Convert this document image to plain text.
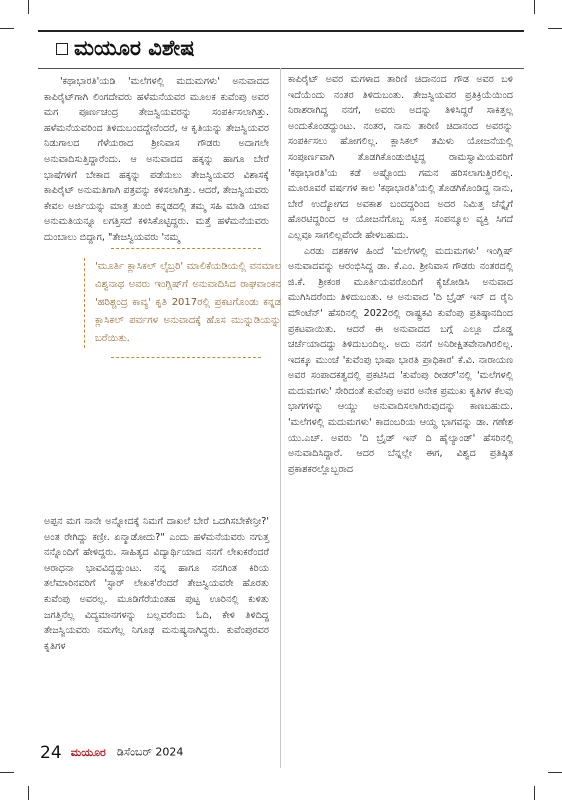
ಮಯೂರ ವಿಶೇಷ

'ಕಥಾಭಾರತಿ'ಯಡಿ 'ಮಲೆಗಳಲ್ಲಿ ಮದುಮಗಳು' ಅನುವಾದದ ಕಾಪಿರೈಟ್‌ಗಾಗಿ ಲಿಂಗದೇವರು ಹಳೆಮನೆಯವರ ಮೂಲಕ ಕುವೆಂಪು ಅವರ ಮಗ ಪೂರ್ಣಚಂದ್ರ ತೇಜಸ್ವಿಯವರನ್ನು ಸಂಪರ್ಕಿಸಲಾಗಿತ್ತು. ಹಳೆಮನೆಯವರಿಂದ ತಿಳಿದುಬಂದದ್ದೇನೆಂದರೆ, ಆ ಕೃತಿಯನ್ನು ತೇಜಸ್ವಿಯವರ ನಿಡುಗಾಲದ ಗೆಳೆಯರಾದ ಶ್ರೀನಿವಾಸ ಗೌಡರು ಅದಾಗಲೇ ಅನುವಾದಿಸುತ್ತಿದ್ದಾರೆಂದು. ಆ ಅನುವಾದದ ಹಕ್ಕನ್ನು ಹಾಗೂ ಬೇರೆ ಭಾಷೆಗಳಿಗೆ ಬೇಕಾದ ಹಕ್ಕನ್ನು ಪಡೆಯಲು ತೇಜಸ್ವಿಯವರ ವಿಶಾಸಕ್ಕೆ ಕಾಪಿರೈಟ್ ಅನುಮತಿಗಾಗಿ ಪತ್ರವನ್ನು ಕಳಿಸಲಾಗಿತ್ತು. ಆದರೆ, ತೇಜಸ್ವಿಯವರು ಕೇವಲ ಅರ್ಜಿಯನ್ನು ಮಾತ್ರ ತುಂಬಿ ಕನ್ನಡದಲ್ಲಿ ತಮ್ಮ ಸಹಿ ಮಾಡಿ ಯಾವ ಅನುಮತಿಯನ್ನೂ ಲಗತ್ತಿಸದೆ ಕಳಿಸಿಕೊಟ್ಟಿದ್ದರು. ಮತ್ತೆ ಹಳೆಮನೆಯವರು ದುಂಬಾಲು ಬಿದ್ದಾಗ, "ತೇಜಸ್ವಿಯವರು 'ನಮ್ಮ

ಅಪ್ಪನ ಮಗ ನಾನೇ ಅನ್ನೋದಕ್ಕೆ ನಿಮಗೆ ದಾಖಲೆ ಬೇರೆ ಒದಗಿಸಬೇಕೇನ್ರೀ?' ಅಂತ ರೇಗಿದ್ದು ಕಣ್ರೀ. ಏನ್ಮಾಡೋದು?" ಎಂದು ಹಳೆಮನೆಯವರು ನಗುತ್ತ ನನ್ನೊಂದಿಗೆ ಹೇಳಿದ್ದರು. ಸಾಹಿತ್ಯದ ವಿದ್ಯಾರ್ಥಿಯಾದ ನನಗೆ ಲೇಖಕರೆಂದರೆ ಆರಾಧನಾ ಭಾವವಿದ್ದದ್ದುಂಟು. ನನ್ನ ಹಾಗೂ ನನಗಿಂತ ಕಿರಿಯ ತಲೆಮಾರಿನವರಿಗೆ 'ಸ್ಟಾರ್ ಲೇಖಕ'ರೆಂದರೆ ತೇಜಸ್ವಿಯವರೇ ಹೊರತು ಕುವೆಂಪು ಅವರಲ್ಲ. ಮೂಡಿಗೆರೆಯಂತಹ ಪುಟ್ಟ ಊರಿನಲ್ಲಿ ಕುಳಿತು ಜಗತ್ತಿನೆಲ್ಲ ವಿದ್ಯಮಾನಗಳನ್ನು ಬಲ್ಲವರೆಂದು ಓದಿ, ಕೇಳಿ ತಿಳಿದಿದ್ದ ತೇಜಸ್ವಿಯವರು ನಮಗೆಲ್ಲ ನಿಗೂಢ ಮನುಷ್ಯನಾಗಿದ್ದರು. ಕುವೆಂಪುರವರ ಕೃತಿಗಳ

'ಮೂರ್ತಿ ಕ್ಲಾಸಿಕಲ್ ಲೈಬ್ರರಿ' ಮಾಲಿಕೆಯಡಿಯಲ್ಲಿ ವನಮಾಲ ವಿಶ್ವನಾಥ ಅವರು ಇಂಗ್ಲಿಷ್‌ಗೆ ಅನುವಾದಿಸಿದ ರಾಘವಾಂಕನ 'ಹರಿಶ್ಚಂದ್ರ ಕಾವ್ಯ' ಕೃತಿ 2017ರಲ್ಲಿ ಪ್ರಕಟಗೊಂಡು ಕನ್ನಡ ಕ್ಲಾಸಿಕಲ್ ಪರ್ವಗಳ ಅನುವಾದಕ್ಕೆ ಹೊಸ ಮುನ್ನುಡಿಯನ್ನು ಬರೆಯಿತು.

ಕಾಪಿರೈಟ್ ಅವರ ಮಗಳಾದ ತಾರಿಣಿ ಚಿದಾನಂದ ಗೌಡ ಅವರ ಬಳಿ ಇದೆಯೆಂದು ನಂತರ ತಿಳಿದುಬಂತು. ತೇಜಸ್ವಿಯವರ ಪ್ರತಿಕ್ರಿಯೆಯಿಂದ ನಿರಾಶರಾಗಿದ್ದ ನನಗೆ, ಅವರು ಅದನ್ನು ತಿಳಿಸಿದ್ದರೆ ಸಾಕಿತ್ತಲ್ಲ ಅಂದುಕೊಂಡದ್ದುಂಟು. ನಂತರ, ನಾನು ತಾರಿಣಿ ಚಿದಾನಂದ ಅವರನ್ನು ಸಂಪರ್ಕಿಸಲು ಹೋಗಲಿಲ್ಲ. ಕ್ಲಾಸಿಕಲ್ ತಮಿಳು ಯೋಜನೆಯಲ್ಲಿ ಸಂಪೂರ್ಣವಾಗಿ ತೊಡಗಿಕೊಂಡುಬಿಟ್ಟಿದ್ದ ರಾಮಸ್ವಾಮಿಯವರಿಗೆ 'ಕಥಾಭಾರತಿ'ಯ ಕಡೆ ಅಷ್ಟೊಂದು ಗಮನ ಹರಿಸಲಾಗುತ್ತಿರಲಿಲ್ಲ. ಮೂರೂವರೆ ವರ್ಷಗಳ ಕಾಲ 'ಕಥಾಭಾರತಿ'ಯಲ್ಲಿ ತೊಡಗಿಕೊಂಡಿದ್ದ ನಾನು, ಬೇರೆ ಉದ್ಯೋಗದ ಅವಕಾಶ ಬಂದದ್ದರಿಂದ ಅದರ ನಿಮಿತ್ತ ಚೆನ್ನೈಗೆ ಹೊರಟಿದ್ದರಿಂದ ಆ ಯೋಜನೆಗೊಬ್ಬ ಸೂಕ್ತ ಸಂಪನ್ಮೂಲ ವ್ಯಕ್ತಿ ಸಿಗದೆ ಎಲ್ಲವೂ ಸಾಗಲಿಲ್ಲವೆಂದೇ ಹೇಳಬಹುದು.

ಎರಡು ದಶಕಗಳ ಹಿಂದೆ 'ಮಲೆಗಳಲ್ಲಿ ಮದುಮಗಳು' ಇಂಗ್ಲಿಷ್ ಅನುವಾದವನ್ನು ಆರಂಭಿಸಿದ್ದ ಡಾ. ಕೆ.ಎಂ. ಶ್ರೀನಿವಾಸ ಗೌಡರು ನಂತರದಲ್ಲಿ ಜಿ.ಕೆ. ಶ್ರೀಕಂಠ ಮೂರ್ತಿಯವರೊಂದಿಗೆ ಕೈಜೋಡಿಸಿ ಅನುವಾದ ಮುಗಿಸಿದರೆಂದು ತಿಳಿದುಬಂತು. ಆ ಅನುವಾದ 'ದಿ ಬ್ರೈಡ್ ಇನ್ ದ ರೈನಿ ಮೌಂಟೆನ್' ಹೆಸರಿನಲ್ಲಿ 2022ರಲ್ಲಿ ರಾಷ್ಟ್ರಕವಿ ಕುವೆಂಪು ಪ್ರತಿಷ್ಠಾನದಿಂದ ಪ್ರಕಟವಾಯಿತು. ಆದರೆ ಈ ಅನುವಾದದ ಬಗ್ಗೆ ಎಲ್ಲೂ ದೊಡ್ಡ ಚರ್ಚೆಯಾದದ್ದು ತಿಳಿದುಬಂದಿಲ್ಲ. ಅದು ನನಗೆ ಅನಿರೀಕ್ಷಿತವೇನಾಗಿರಲಿಲ್ಲ. ಇದಕ್ಕೂ ಮುಂಚೆ 'ಕುವೆಂಪು ಭಾಷಾ ಭಾರತಿ ಪ್ರಾಧಿಕಾರ' ಕೆ.ವಿ. ನಾರಾಯಣ ಅವರ ಸಂಪಾದಕತ್ವದಲ್ಲಿ ಪ್ರಕಟಿಸಿದ 'ಕುವೆಂಪು ರೀಡರ್'ನಲ್ಲಿ 'ಮಲೆಗಳಲ್ಲಿ ಮದುಮಗಳು' ಸೇರಿದಂತೆ ಕುವೆಂಪು ಅವರ ಅನೇಕ ಪ್ರಮುಖ ಕೃತಿಗಳ ಕೆಲವು ಭಾಗಗಳನ್ನು ಆಯ್ದು ಅನುವಾದಿಸಲಾಗಿರುವುದನ್ನು ಕಾಣಬಹುದು. 'ಮಲೆಗಳಲ್ಲಿ ಮದುಮಗಳು' ಕಾದಂಬರಿಯ ಆಯ್ದ ಭಾಗವನ್ನು ಡಾ. ಗಣೇಶ ಯು.ಎಚ್. ಅವರು 'ದಿ ಬ್ರೈಡ್ ಇನ್ ದಿ ಹೈಲ್ಯಾಂಡ್' ಹೆಸರಿನಲ್ಲಿ ಅನುವಾದಿಸಿದ್ದಾರೆ. ಆದರ ಬೆನ್ನಲ್ಲೇ ಈಗ, ವಿಶ್ವದ ಪ್ರತಿಷ್ಠಿತ ಪ್ರಕಾಶಕರಲ್ಲೊಬ್ಬರಾದ

24 ಮಯೂರ ಡಿಸೆಂಬರ್ 2024
